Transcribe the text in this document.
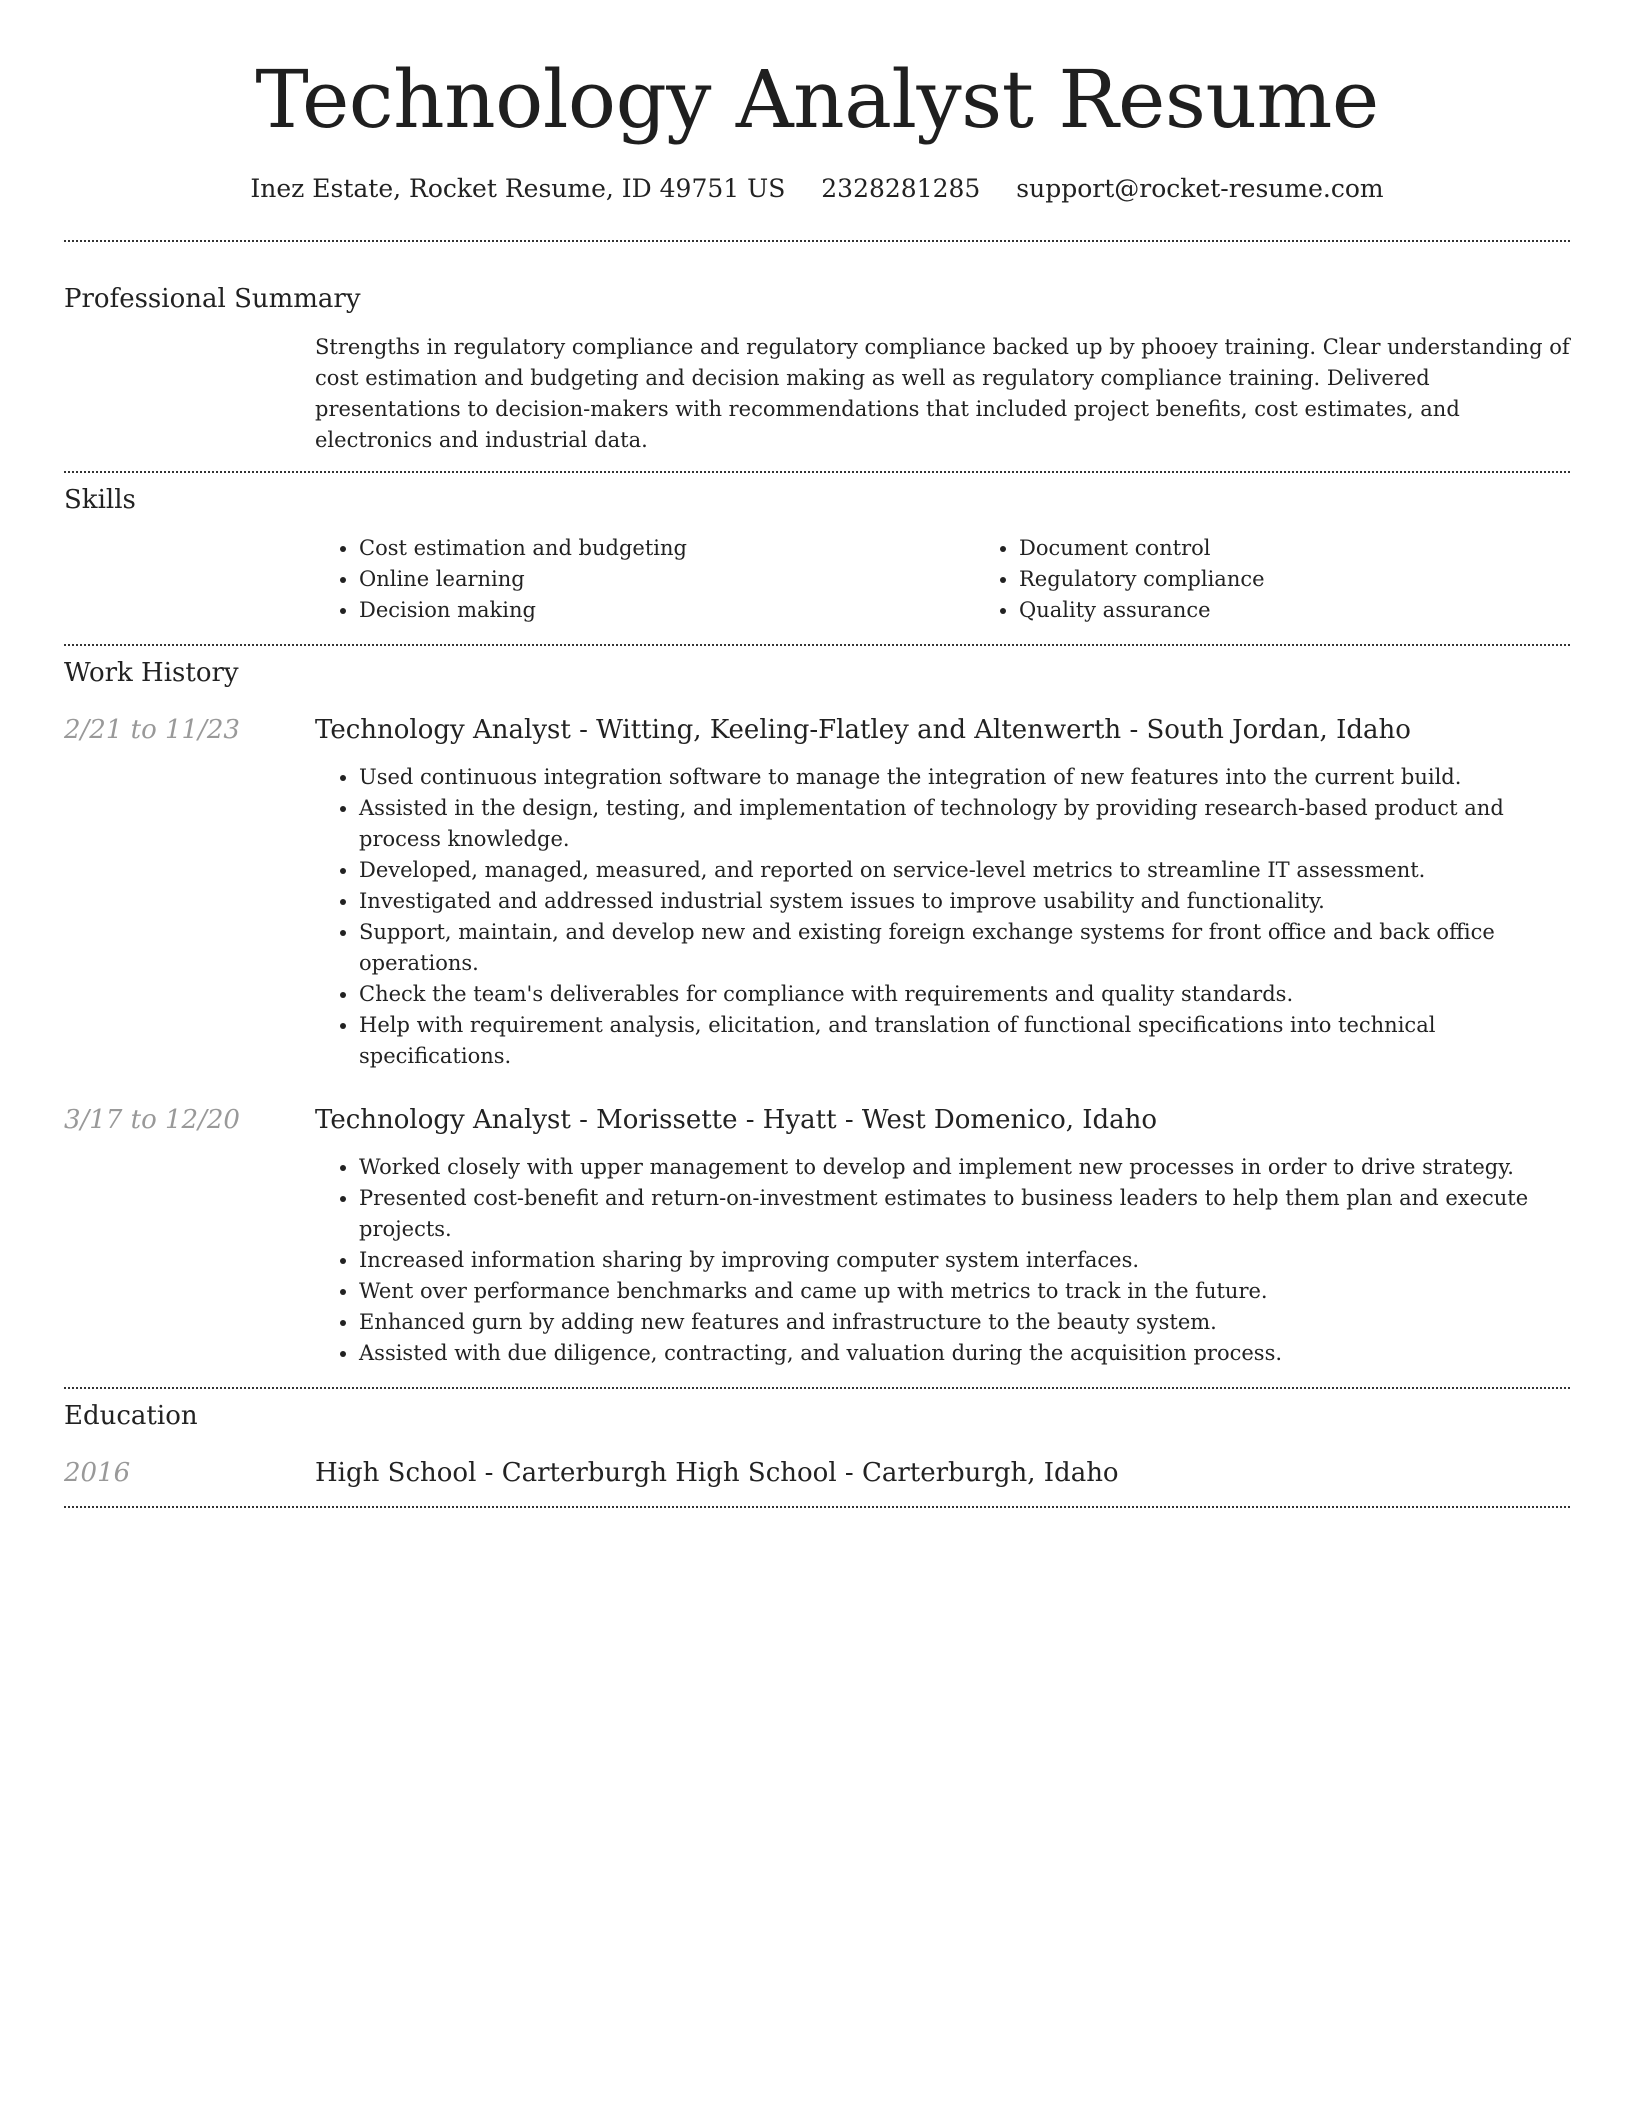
Technology Analyst Resume
Inez Estate, Rocket Resume, ID 49751 US 2328281285 support@rocket-resume.com
Professional Summary
Strengths in regulatory compliance and regulatory compliance backed up by phooey training. Clear understanding of cost estimation and budgeting and decision making as well as regulatory compliance training. Delivered presentations to decision-makers with recommendations that included project benefits, cost estimates, and electronics and industrial data.
Skills
• Cost estimation and budgeting
• Online learning
• Decision making
• Document control
• Regulatory compliance
• Quality assurance
Work History
2/21 to 11/23	Technology Analyst - Witting, Keeling-Flatley and Altenwerth - South Jordan, Idaho
• Used continuous integration software to manage the integration of new features into the current build.
• Assisted in the design, testing, and implementation of technology by providing research-based product and process knowledge.
• Developed, managed, measured, and reported on service-level metrics to streamline IT assessment.
• Investigated and addressed industrial system issues to improve usability and functionality.
• Support, maintain, and develop new and existing foreign exchange systems for front office and back office operations.
• Check the team's deliverables for compliance with requirements and quality standards.
• Help with requirement analysis, elicitation, and translation of functional specifications into technical specifications.
3/17 to 12/20	Technology Analyst - Morissette - Hyatt - West Domenico, Idaho
• Worked closely with upper management to develop and implement new processes in order to drive strategy.
• Presented cost-benefit and return-on-investment estimates to business leaders to help them plan and execute projects.
• Increased information sharing by improving computer system interfaces.
• Went over performance benchmarks and came up with metrics to track in the future.
• Enhanced gurn by adding new features and infrastructure to the beauty system.
• Assisted with due diligence, contracting, and valuation during the acquisition process.
Education
2016	High School - Carterburgh High School - Carterburgh, Idaho
